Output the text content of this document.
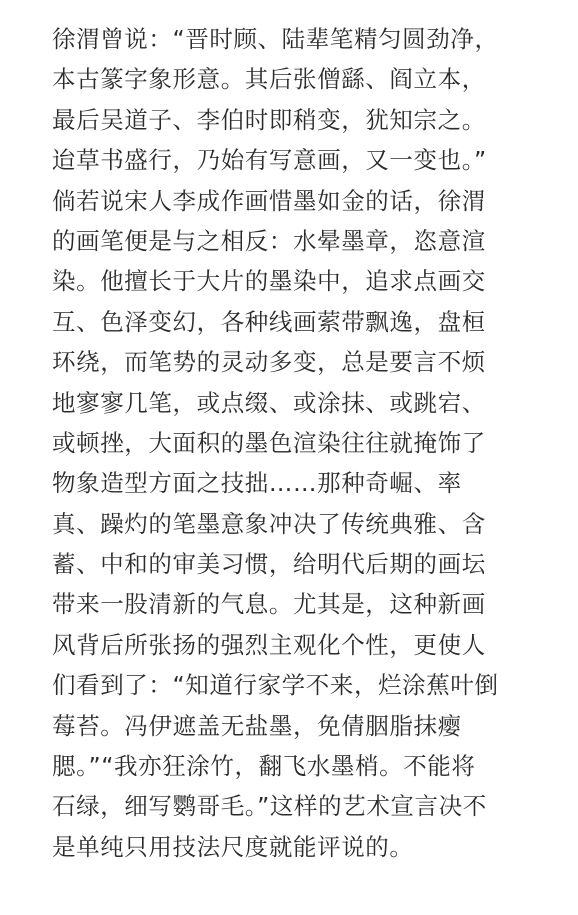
徐渭曾说：“晋时顾、陆辈笔精匀圆劲净，
本古篆字象形意。其后张僧繇、阎立本，
最后吴道子、李伯时即稍变，犹知宗之。
迨草书盛行，乃始有写意画，又一变也。”
倘若说宋人李成作画惜墨如金的话，徐渭
的画笔便是与之相反：水晕墨章，恣意渲
染。他擅长于大片的墨染中，追求点画交
互、色泽变幻，各种线画萦带飘逸，盘桓
环绕，而笔势的灵动多变，总是要言不烦
地寥寥几笔，或点缀、或涂抹、或跳宕、
或顿挫，大面积的墨色渲染往往就掩饰了
物象造型方面之技拙……那种奇崛、率
真、躁灼的笔墨意象冲决了传统典雅、含
蓄、中和的审美习惯，给明代后期的画坛
带来一股清新的气息。尤其是，这种新画
风背后所张扬的强烈主观化个性，更使人
们看到了：“知道行家学不来，烂涂蕉叶倒
莓苔。冯伊遮盖无盐墨，免倩胭脂抹瘿
腮。”“我亦狂涂竹，翻飞水墨梢。不能将
石绿，细写鹦哥毛。”这样的艺术宣言决不
是单纯只用技法尺度就能评说的。
